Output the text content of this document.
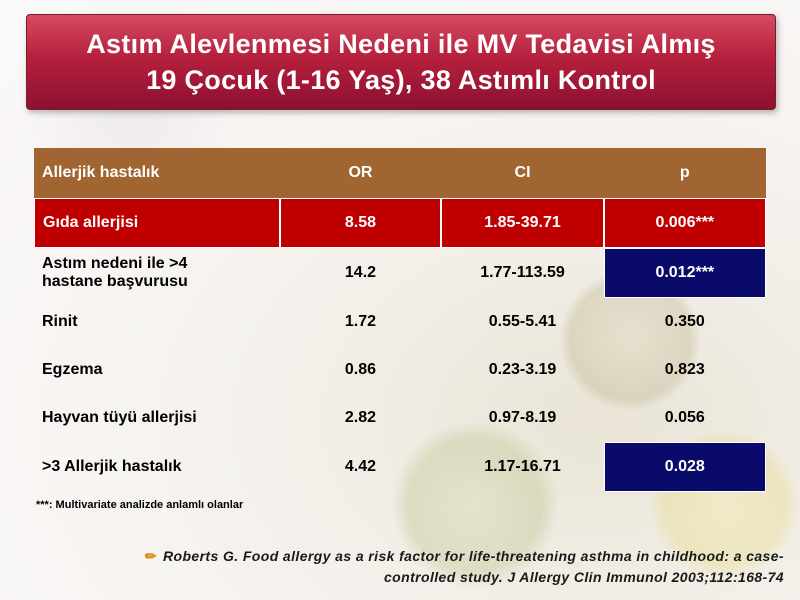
Astım Alevlenmesi Nedeni ile MV Tedavisi Almış
19 Çocuk (1-16 Yaş), 38 Astımlı Kontrol
Allerjik hastalık	OR	CI	p
Gıda allerjisi	8.58	1.85-39.71	0.006***

Astım nedeni ile >4
hastane başvurusu	14.2	1.77-113.59	0.012***
Rinit	1.72	0.55-5.41	0.350
Egzema	0.86	0.23-3.19	0.823
Hayvan tüyü allerjisi	2.82	0.97-8.19	0.056
>3 Allerjik hastalık	4.42	1.17-16.71	0.028
***: Multivariate analizde anlamlı olanlar
✏ Roberts G. Food allergy as a risk factor for life-threatening asthma in childhood: a case-
controlled study. J Allergy Clin Immunol 2003;112:168-74
